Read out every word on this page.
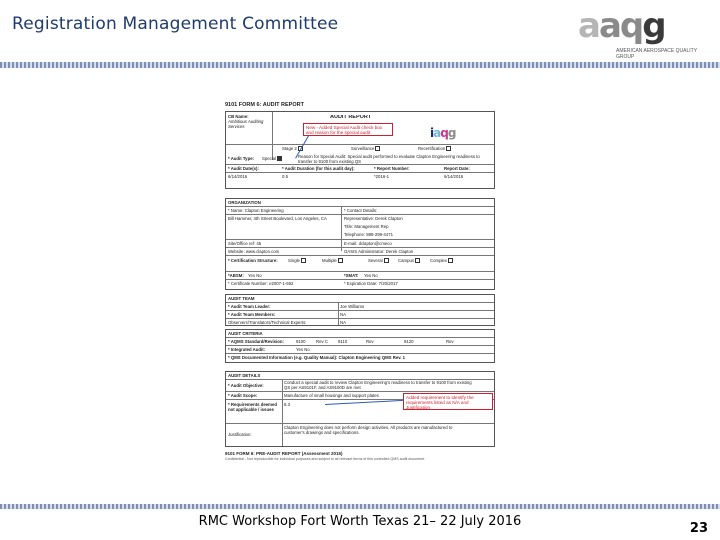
Registration Management Committee	aaqg
AMERICAN AEROSPACE QUALITY GROUP
9101 FORM 6: AUDIT REPORT
CB Name:
Ambitious Auditing Services
AUDIT REPORT
New - Added Special Audit check box and reason for the special audit	iaqg
Stage 2	Surveillance	Recertification
* Audit Type: Special	Reason for Special Audit: Special audit performed to evaluate Clapton Engineering readiness to transfer to 9100 from existing QS
* Audit Date(s):	* Audit Duration (for this audit day):	* Report Number:	Report Date:
6/14/2016	0.5	*2016-1	6/14/2016
ORGANIZATION
* Name: Clapton Engineering	* Contact Details:
Bill Hammer, 4th Street Boulevard, Los Angeles, CA	Representative: Derek Clapton
Title: Management Rep
Telephone: 888-299-4471
Site/Office ref: 45	E-mail: dclapton@cmeco
Website: www.clapton.com	OASIS Administrator: Derek Clapton
* Certification Structure: Single	Multiple	Several	Campus	Complex
*ABSM: Yes No	*SMAT: Yes No
* Certificate Number: e2007-1-592	* Expiration Date: 7/20/2017
AUDIT TEAM
* Audit Team Leader:	Joe Williams
* Audit Team Members:	NA
Observers/Translators/Technical Experts:	NA
AUDIT CRITERIA
* AQMS Standard/Revision:	9100 Rev C 9110	Rev	9120	Rev
* Integrated Audit:	Yes No
* QMS Documented Information (e.g. Quality Manual): Clapton Engineering QMS Rev. 1
AUDIT DETAILS
* Audit Objective:
Conduct a special audit to review Clapton Engineering's readiness to transfer to 9100 from existing QS per AS9101F, and AS9100D are met
* Audit Scope:	Manufacture of small housings and support plates
* Requirements deemed not applicable / issues
8.3
Justification:
Clapton Engineering does not perform design activities. All products are manufactured to customer's drawings and specifications.
Added requirement to identify the requirements listed as N/A and Justification
9101 FORM 6: PRE-AUDIT REPORT (Assessment 2015)
Confidential - Not reproducible for individual purposes and subject to all relevant terms of this controlled QMS audit document.
RMC Workshop Fort Worth Texas 21– 22 July 2016	23
